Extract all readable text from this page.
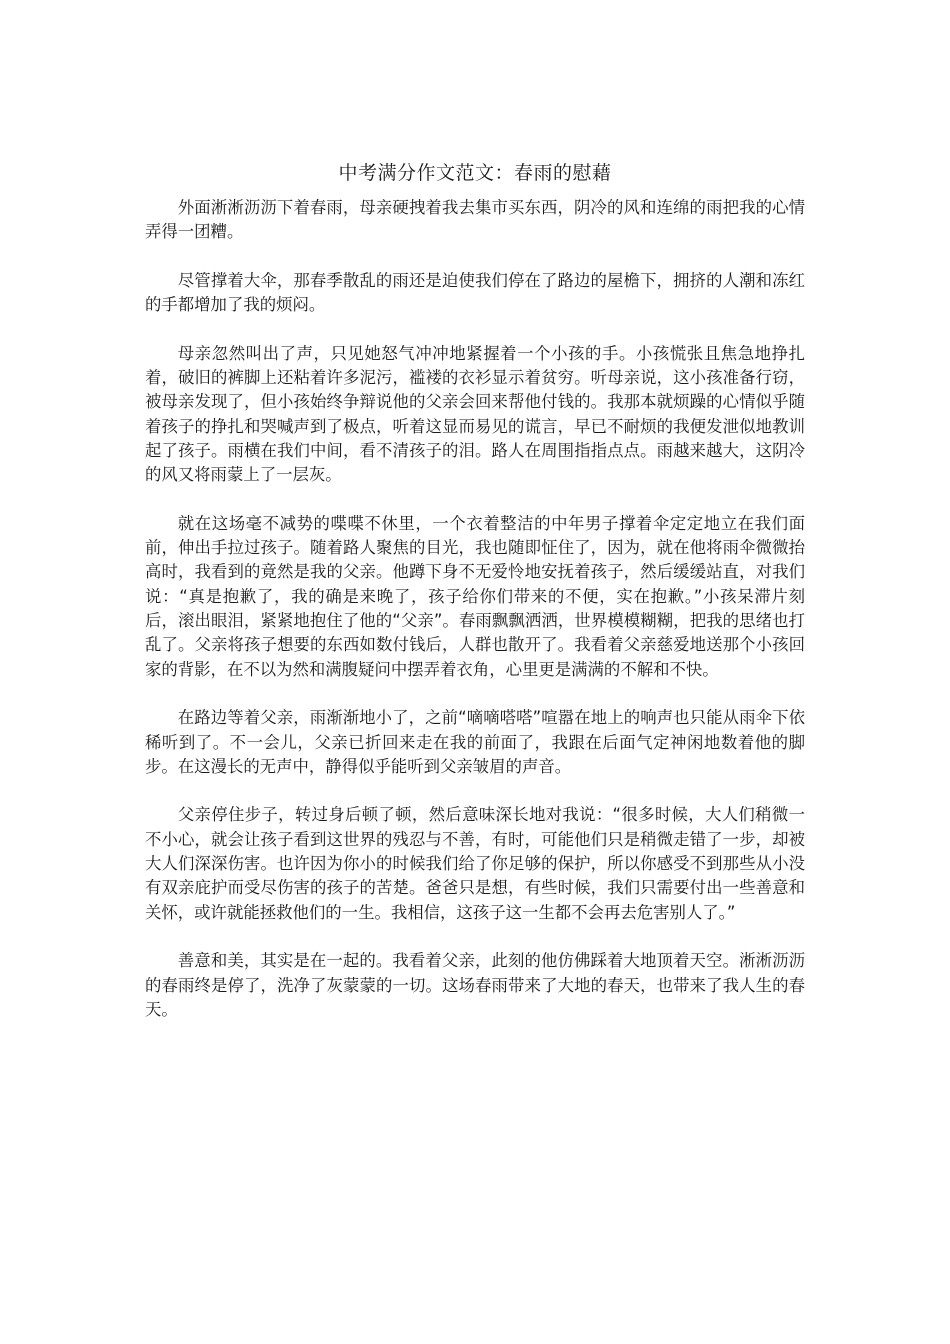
中考满分作文范文：春雨的慰藉

外面淅淅沥沥下着春雨，母亲硬拽着我去集市买东西，阴冷的风和连绵的雨把我的心情弄得一团糟。

尽管撑着大伞，那春季散乱的雨还是迫使我们停在了路边的屋檐下，拥挤的人潮和冻红的手都增加了我的烦闷。

母亲忽然叫出了声，只见她怒气冲冲地紧握着一个小孩的手。小孩慌张且焦急地挣扎着，破旧的裤脚上还粘着许多泥污，褴褛的衣衫显示着贫穷。听母亲说，这小孩准备行窃，被母亲发现了，但小孩始终争辩说他的父亲会回来帮他付钱的。我那本就烦躁的心情似乎随着孩子的挣扎和哭喊声到了极点，听着这显而易见的谎言，早已不耐烦的我便发泄似地教训起了孩子。雨横在我们中间，看不清孩子的泪。路人在周围指指点点。雨越来越大，这阴冷的风又将雨蒙上了一层灰。

就在这场毫不减势的喋喋不休里，一个衣着整洁的中年男子撑着伞定定地立在我们面前，伸出手拉过孩子。随着路人聚焦的目光，我也随即怔住了，因为，就在他将雨伞微微抬高时，我看到的竟然是我的父亲。他蹲下身不无爱怜地安抚着孩子，然后缓缓站直，对我们说：“真是抱歉了，我的确是来晚了，孩子给你们带来的不便，实在抱歉。”小孩呆滞片刻后，滚出眼泪，紧紧地抱住了他的“父亲”。春雨飘飘洒洒，世界模模糊糊，把我的思绪也打乱了。父亲将孩子想要的东西如数付钱后，人群也散开了。我看着父亲慈爱地送那个小孩回家的背影，在不以为然和满腹疑问中摆弄着衣角，心里更是满满的不解和不快。

在路边等着父亲，雨渐渐地小了，之前“嘀嘀嗒嗒”喧嚣在地上的响声也只能从雨伞下依稀听到了。不一会儿，父亲已折回来走在我的前面了，我跟在后面气定神闲地数着他的脚步。在这漫长的无声中，静得似乎能听到父亲皱眉的声音。

父亲停住步子，转过身后顿了顿，然后意味深长地对我说：“很多时候，大人们稍微一不小心，就会让孩子看到这世界的残忍与不善，有时，可能他们只是稍微走错了一步，却被大人们深深伤害。也许因为你小的时候我们给了你足够的保护，所以你感受不到那些从小没有双亲庇护而受尽伤害的孩子的苦楚。爸爸只是想，有些时候，我们只需要付出一些善意和关怀，或许就能拯救他们的一生。我相信，这孩子这一生都不会再去危害别人了。”

善意和美，其实是在一起的。我看着父亲，此刻的他仿佛踩着大地顶着天空。淅淅沥沥的春雨终是停了，洗净了灰蒙蒙的一切。这场春雨带来了大地的春天，也带来了我人生的春天。
